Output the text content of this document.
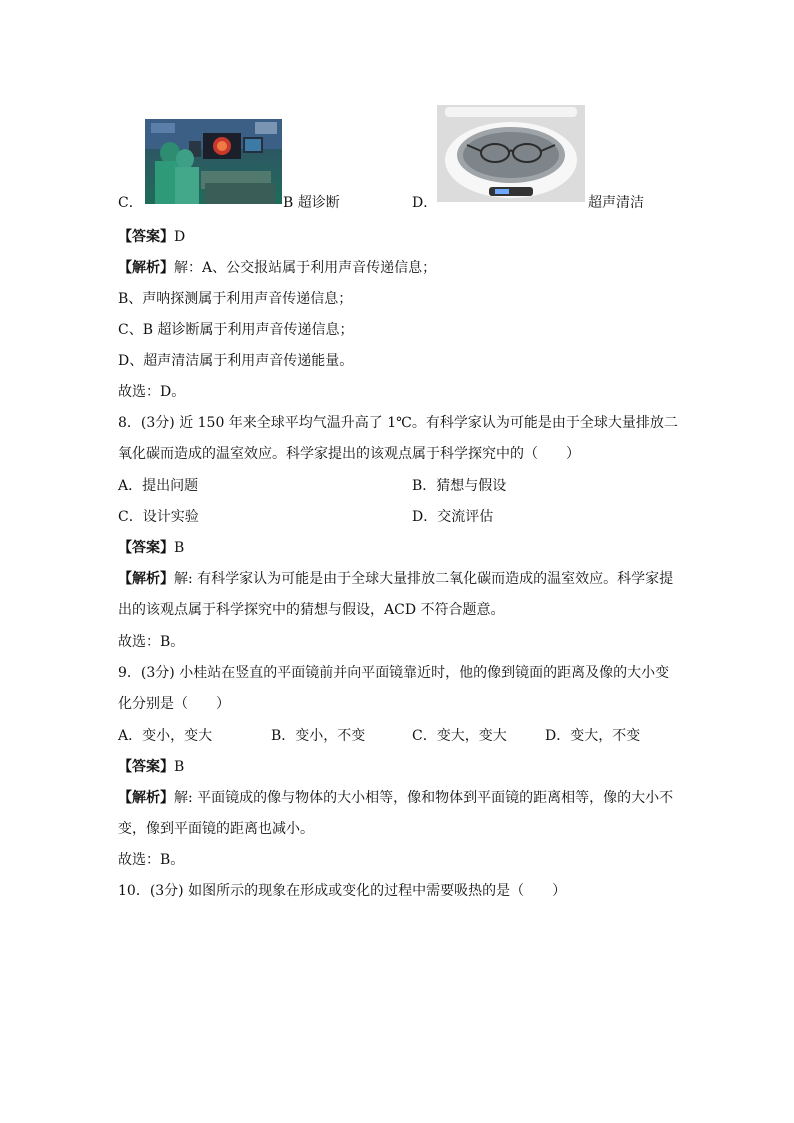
C．	B 超诊断	D．	超声清洁
【答案】D
【解析】解：A、公交报站属于利用声音传递信息；
B、声呐探测属于利用声音传递信息；
C、B 超诊断属于利用声音传递信息；
D、超声清洁属于利用声音传递能量。
故选：D。
8．(3分) 近 150 年来全球平均气温升高了 1℃。有科学家认为可能是由于全球大量排放二
氧化碳而造成的温室效应。科学家提出的该观点属于科学探究中的（　　）
A．提出问题	B．猜想与假设
C．设计实验	D．交流评估
【答案】B
【解析】解: 有科学家认为可能是由于全球大量排放二氧化碳而造成的温室效应。科学家提
出的该观点属于科学探究中的猜想与假设，ACD 不符合题意。
故选：B。
9．(3分) 小桂站在竖直的平面镜前并向平面镜靠近时，他的像到镜面的距离及像的大小变
化分别是（　　）
A．变小，变大	B．变小，不变	C．变大，变大	D．变大，不变
【答案】B
【解析】解: 平面镜成的像与物体的大小相等，像和物体到平面镜的距离相等，像的大小不
变，像到平面镜的距离也减小。
故选：B。
10．(3分) 如图所示的现象在形成或变化的过程中需要吸热的是（　　）
